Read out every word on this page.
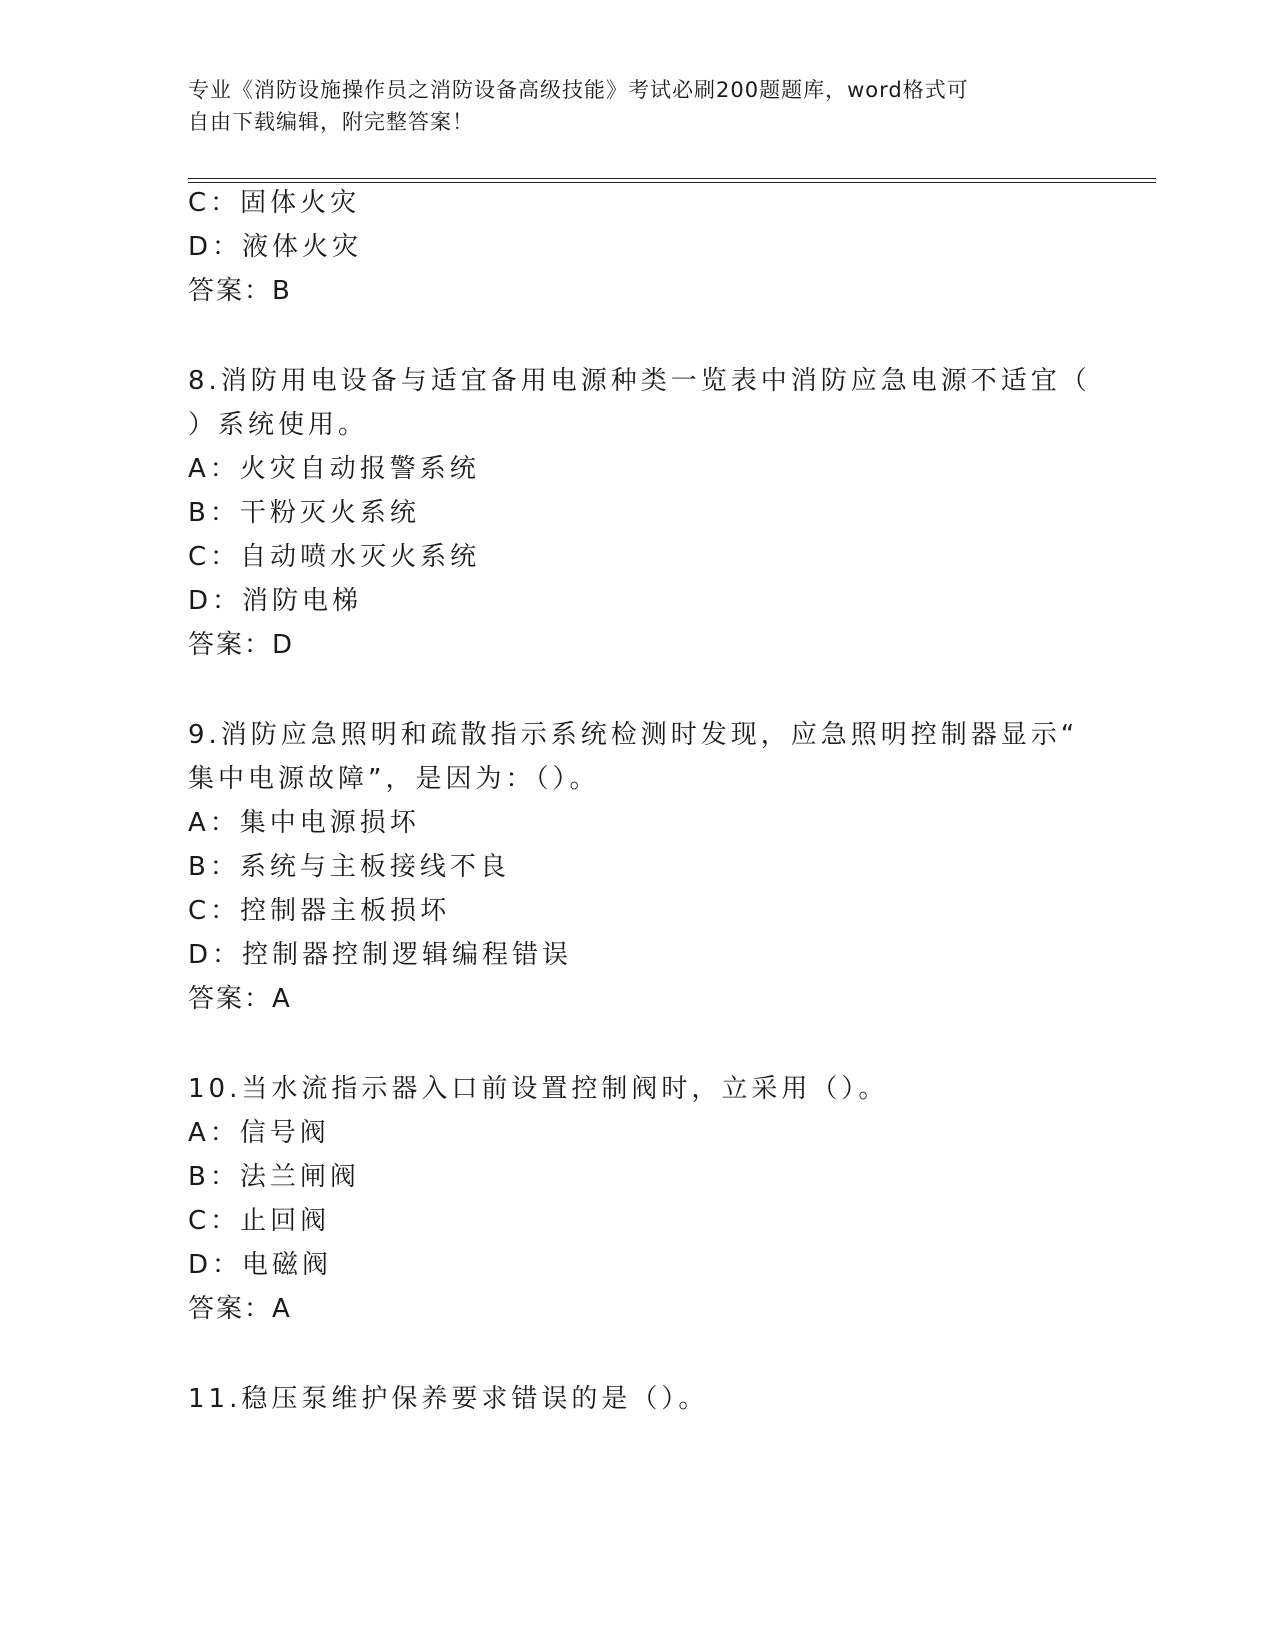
专业《消防设施操作员之消防设备高级技能》考试必刷200题题库，word格式可
自由下载编辑，附完整答案！

C：固体火灾

D：液体火灾

答案：B

8.消防用电设备与适宜备用电源种类一览表中消防应急电源不适宜（

）系统使用。

A：火灾自动报警系统

B：干粉灭火系统

C：自动喷水灭火系统

D：消防电梯

答案：D

9.消防应急照明和疏散指示系统检测时发现，应急照明控制器显示“

集中电源故障”，是因为：（）。

A：集中电源损坏

B：系统与主板接线不良

C：控制器主板损坏

D：控制器控制逻辑编程错误

答案：A

10.当水流指示器入口前设置控制阀时，立采用（）。

A：信号阀

B：法兰闸阀

C：止回阀

D：电磁阀

答案：A

11.稳压泵维护保养要求错误的是（）。
